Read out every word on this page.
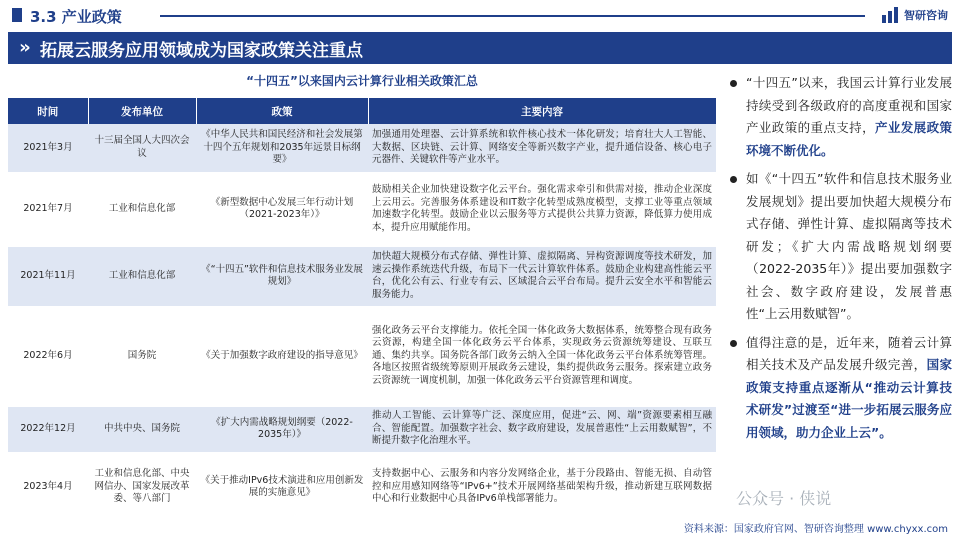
3.3 产业政策	智研咨询
» 拓展云服务应用领域成为国家政策关注重点
“十四五”以来国内云计算行业相关政策汇总
时间	发布单位	政策	主要内容
2021年3月	十三届全国人大四次会议	《中华人民共和国民经济和社会发展第十四个五年规划和2035年远景目标纲要》	加强通用处理器、云计算系统和软件核心技术一体化研发；培育壮大人工智能、大数据、区块链、云计算、网络安全等新兴数字产业，提升通信设备、核心电子元器件、关键软件等产业水平。
2021年7月	工业和信息化部	《新型数据中心发展三年行动计划（2021-2023年）》	鼓励相关企业加快建设数字化云平台。强化需求牵引和供需对接，推动企业深度上云用云。完善服务体系建设和IT数字化转型成熟度模型，支撑工业等重点领域加速数字化转型。鼓励企业以云服务等方式提供公共算力资源，降低算力使用成本，提升应用赋能作用。
2021年11月	工业和信息化部	《“十四五”软件和信息技术服务业发展规划》	加快超大规模分布式存储、弹性计算、虚拟隔离、异构资源调度等技术研发，加速云操作系统迭代升级，布局下一代云计算软件体系。鼓励企业构建高性能云平台，优化公有云、行业专有云、区域混合云平台布局。提升云安全水平和智能云服务能力。
2022年6月	国务院	《关于加强数字政府建设的指导意见》	强化政务云平台支撑能力。依托全国一体化政务大数据体系，统筹整合现有政务云资源，构建全国一体化政务云平台体系，实现政务云资源统筹建设、互联互通、集约共享。国务院各部门政务云纳入全国一体化政务云平台体系统筹管理。各地区按照省级统筹原则开展政务云建设，集约提供政务云服务。探索建立政务云资源统一调度机制，加强一体化政务云平台资源管理和调度。
2022年12月	中共中央、国务院	《扩大内需战略规划纲要（2022-2035年）》	推动人工智能、云计算等广泛、深度应用，促进“云、网、端”资源要素相互融合、智能配置。加强数字社会、数字政府建设，发展普惠性“上云用数赋智”，不断提升数字化治理水平。
2023年4月	工业和信息化部、中央网信办、国家发展改革委、等八部门	《关于推动IPv6技术演进和应用创新发展的实施意见》	支持数据中心、云服务和内容分发网络企业，基于分段路由、智能无损、自动管控和应用感知网络等“IPv6+”技术开展网络基础架构升级，推动新建互联网数据中心和行业数据中心具备IPv6单栈部署能力。
“十四五”以来，我国云计算行业发展持续受到各级政府的高度重视和国家产业政策的重点支持，产业发展政策环境不断优化。
如《“十四五”软件和信息技术服务业发展规划》提出要加快超大规模分布式存储、弹性计算、虚拟隔离等技术研发；《扩大内需战略规划纲要（2022-2035年）》提出要加强数字社会、数字政府建设，发展普惠性“上云用数赋智”。
值得注意的是，近年来，随着云计算相关技术及产品发展升级完善，国家政策支持重点逐渐从“推动云计算技术研发”过渡至“进一步拓展云服务应用领域，助力企业上云”。
公众号 · 侠说
资料来源：国家政府官网、智研咨询整理 www.chyxx.com
